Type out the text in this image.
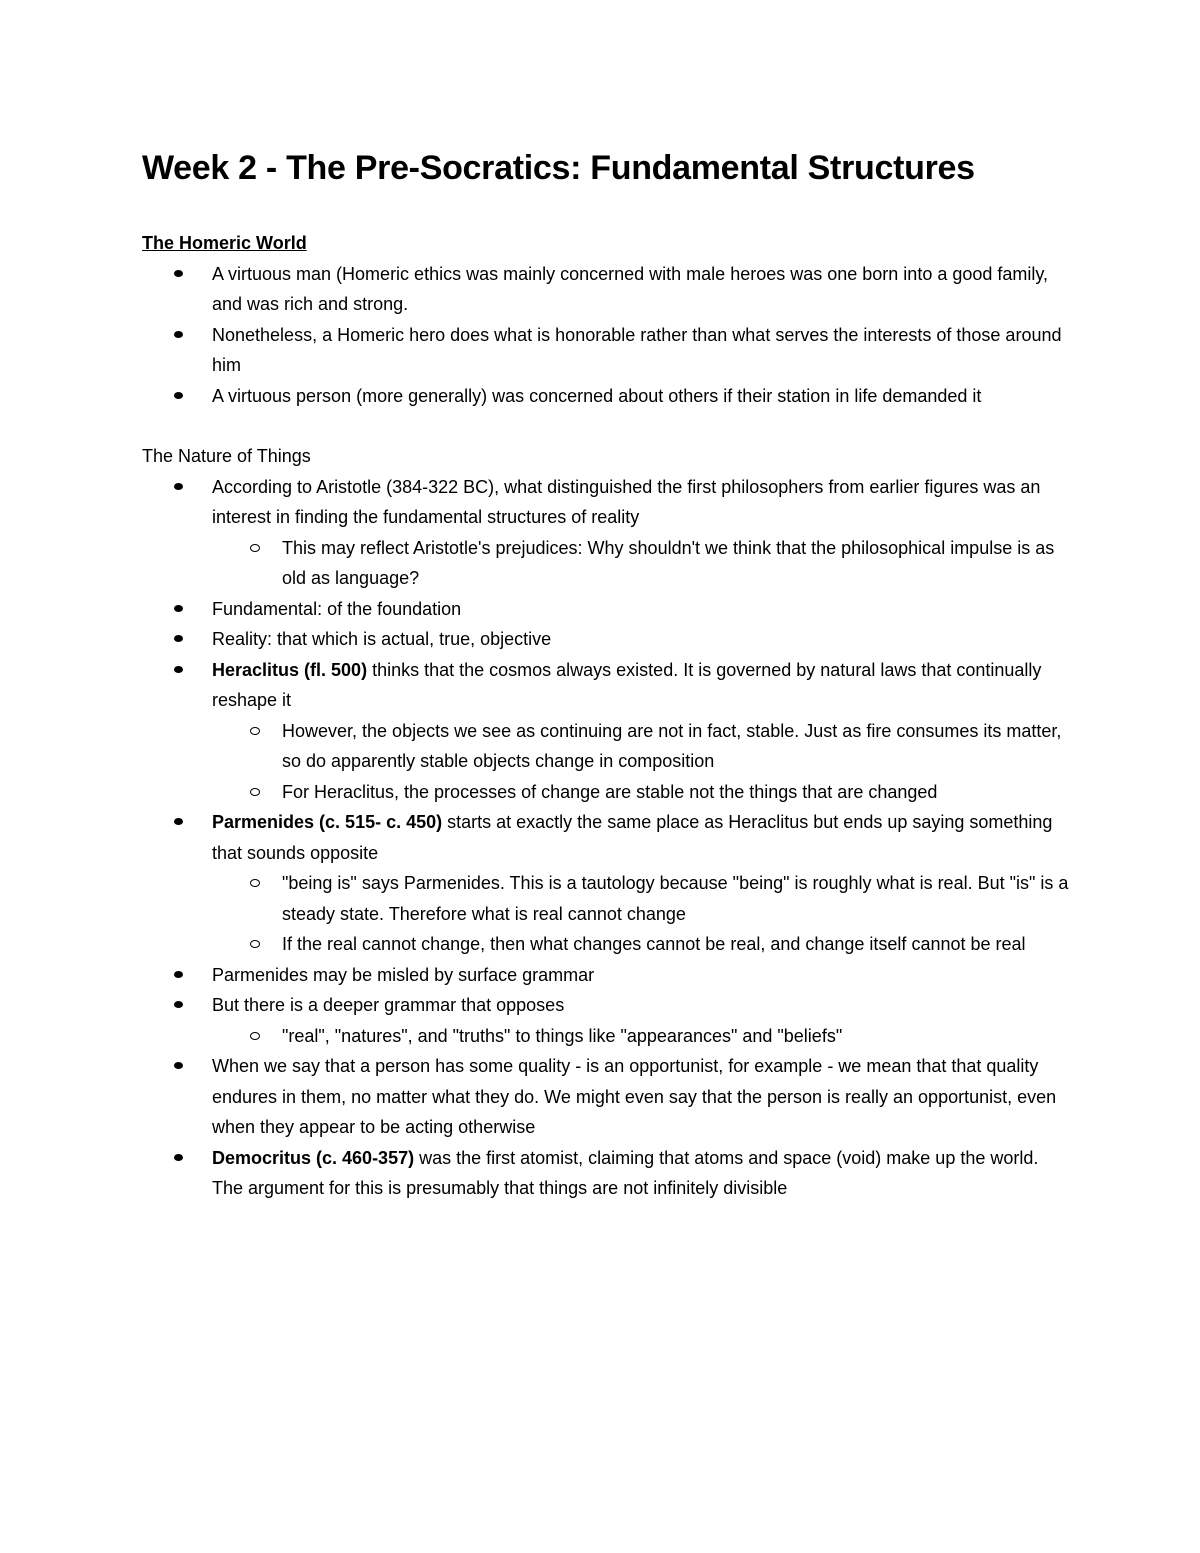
Week 2 - The Pre-Socratics: Fundamental Structures

The Homeric World

A virtuous man (Homeric ethics was mainly concerned with male heroes was one born into a good family, and was rich and strong.
Nonetheless, a Homeric hero does what is honorable rather than what serves the interests of those around him
A virtuous person (more generally) was concerned about others if their station in life demanded it

The Nature of Things

According to Aristotle (384-322 BC), what distinguished the first philosophers from earlier figures was an interest in finding the fundamental structures of reality
This may reflect Aristotle's prejudices: Why shouldn't we think that the philosophical impulse is as old as language?
Fundamental: of the foundation
Reality: that which is actual, true, objective
Heraclitus (fl. 500) thinks that the cosmos always existed. It is governed by natural laws that continually reshape it
However, the objects we see as continuing are not in fact, stable. Just as fire consumes its matter, so do apparently stable objects change in composition
For Heraclitus, the processes of change are stable not the things that are changed
Parmenides (c. 515- c. 450) starts at exactly the same place as Heraclitus but ends up saying something that sounds opposite
"being is" says Parmenides. This is a tautology because "being" is roughly what is real. But "is" is a steady state. Therefore what is real cannot change
If the real cannot change, then what changes cannot be real, and change itself cannot be real
Parmenides may be misled by surface grammar
But there is a deeper grammar that opposes
"real", "natures", and "truths" to things like "appearances" and "beliefs"
When we say that a person has some quality - is an opportunist, for example - we mean that that quality endures in them, no matter what they do. We might even say that the person is really an opportunist, even when they appear to be acting otherwise
Democritus (c. 460-357) was the first atomist, claiming that atoms and space (void) make up the world. The argument for this is presumably that things are not infinitely divisible
